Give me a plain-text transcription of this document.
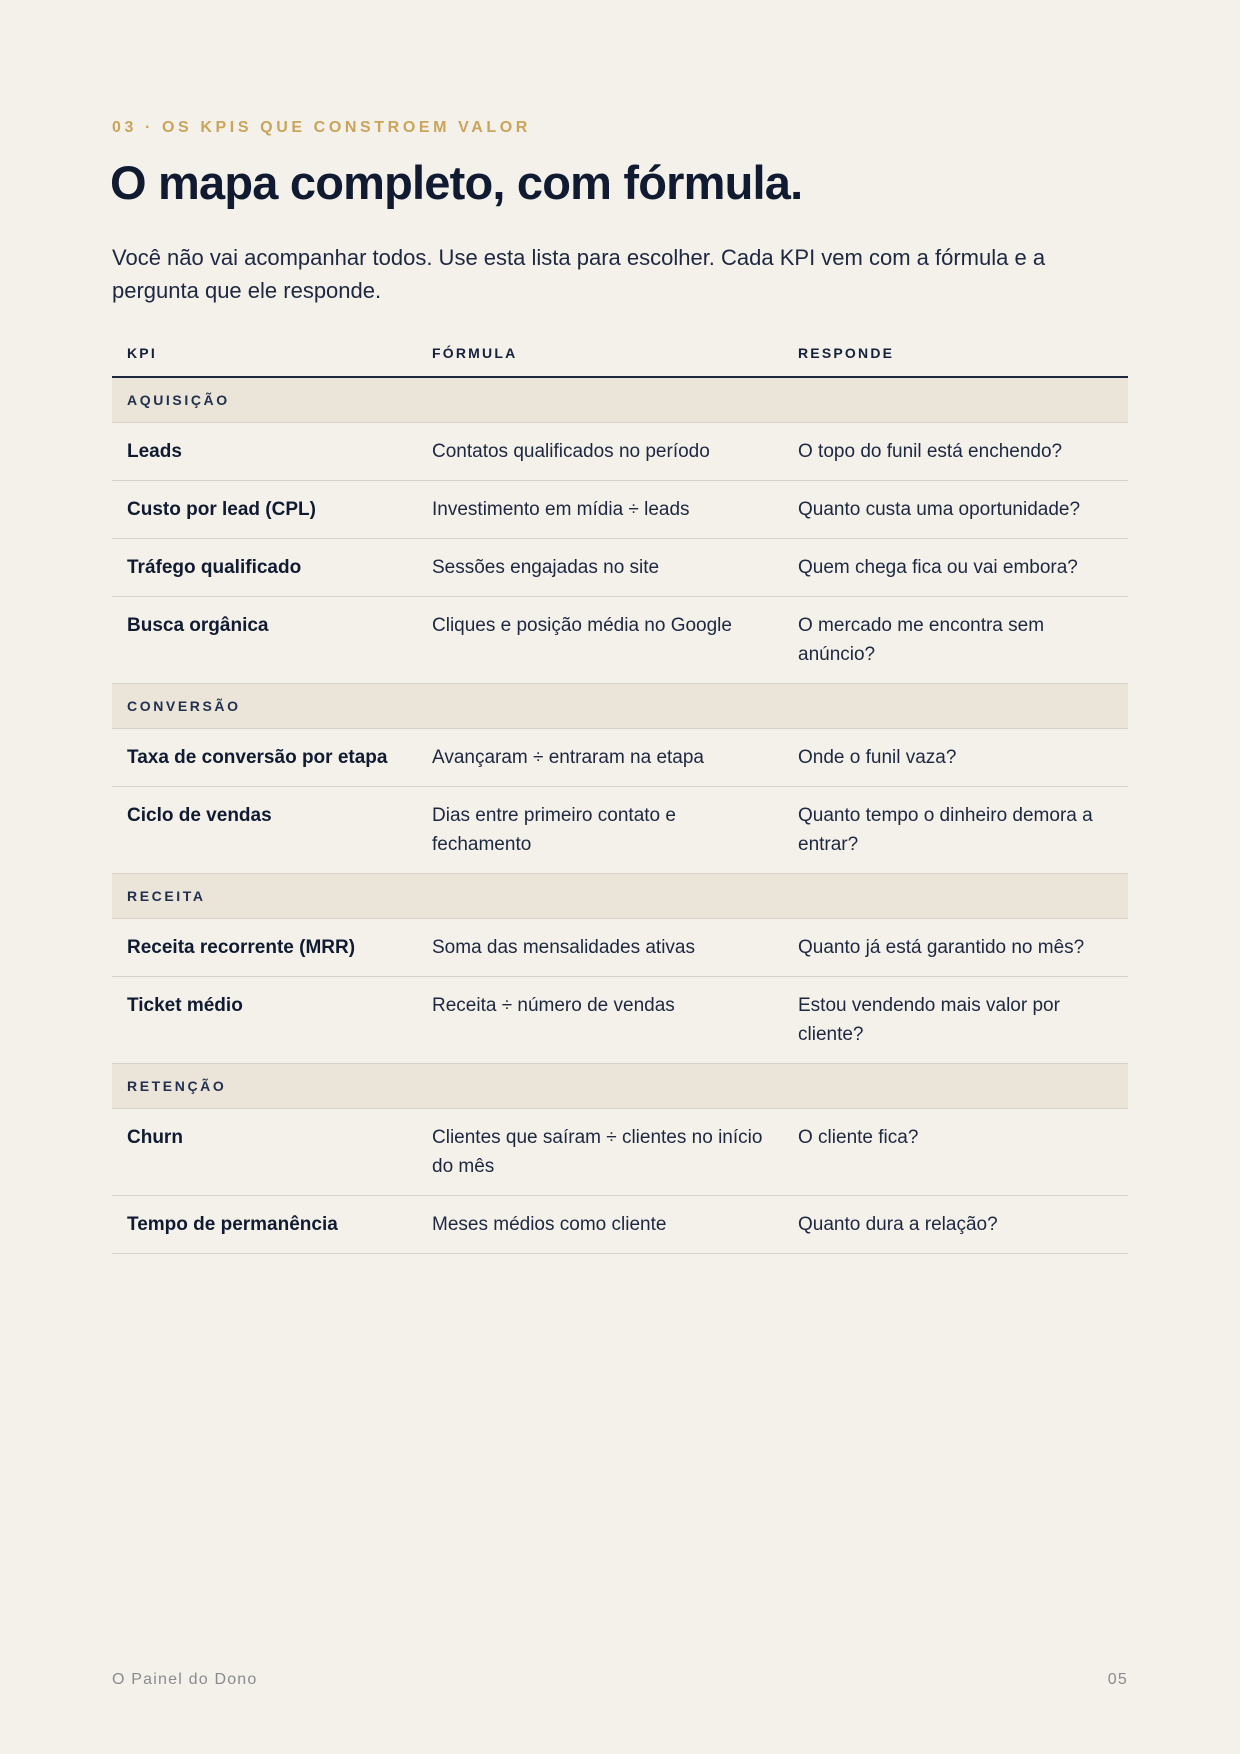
03 · OS KPIS QUE CONSTROEM VALOR
O mapa completo, com fórmula.

Você não vai acompanhar todos. Use esta lista para escolher. Cada KPI vem com a fórmula e a pergunta que ele responde.

KPI	FÓRMULA	RESPONDE
AQUISIÇÃO		
Leads	Contatos qualificados no período	O topo do funil está enchendo?
Custo por lead (CPL)	Investimento em mídia ÷ leads	Quanto custa uma oportunidade?
Tráfego qualificado	Sessões engajadas no site	Quem chega fica ou vai embora?
Busca orgânica	Cliques e posição média no Google	O mercado me encontra sem anúncio?
CONVERSÃO		
Taxa de conversão por etapa	Avançaram ÷ entraram na etapa	Onde o funil vaza?
Ciclo de vendas	Dias entre primeiro contato e fechamento	Quanto tempo o dinheiro demora a entrar?
RECEITA		
Receita recorrente (MRR)	Soma das mensalidades ativas	Quanto já está garantido no mês?
Ticket médio	Receita ÷ número de vendas	Estou vendendo mais valor por cliente?
RETENÇÃO		
Churn	Clientes que saíram ÷ clientes no início do mês	O cliente fica?
Tempo de permanência	Meses médios como cliente	Quanto dura a relação?
O Painel do Dono	05
